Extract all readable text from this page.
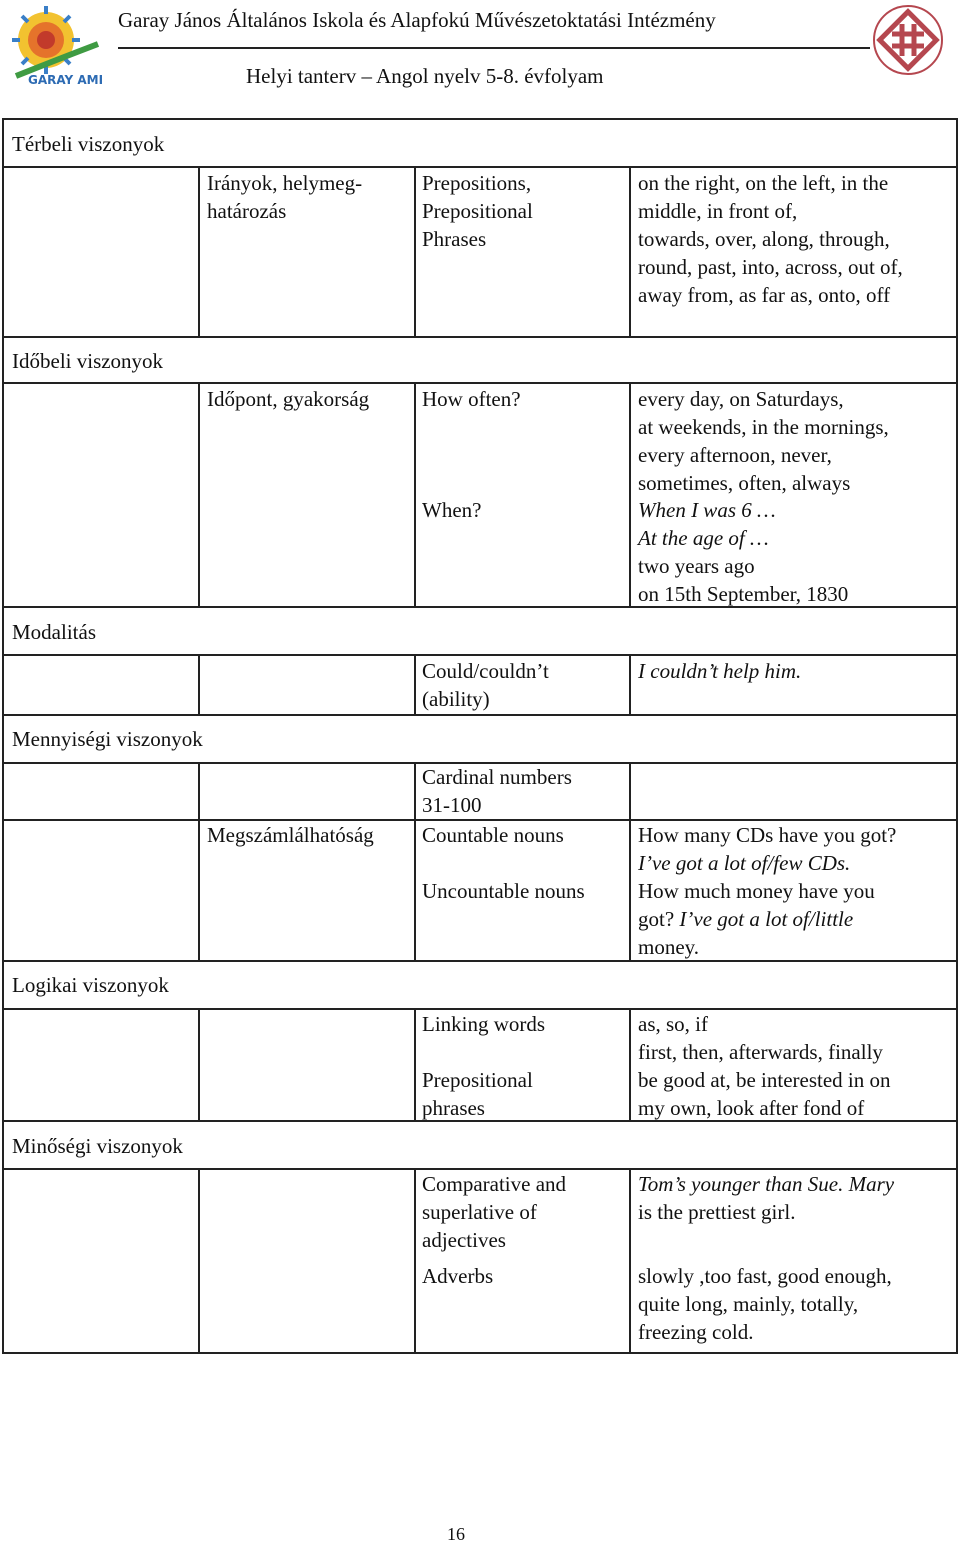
GARAY AMI
Garay János Általános Iskola és Alapfokú Művészetoktatási Intézmény
Helyi tanterv – Angol nyelv 5-8. évfolyam
Térbeli viszonyok
Irányok, helymeg-
határozás
Prepositions,
Prepositional
Phrases
on the right, on the left, in the
middle, in front of,
towards, over, along, through,
round, past, into, across, out of,
away from, as far as, onto, off
Időbeli viszonyok
Időpont, gyakorság	How often?
When?
every day, on Saturdays,
at weekends, in the mornings,
every afternoon, never,
sometimes, often, always
When I was 6 …
At the age of …
two years ago
on 15th September, 1830
Modalitás
Could/couldn’t
(ability)
I couldn’t help him.
Mennyiségi viszonyok
Cardinal numbers
31-100
Megszámlálhatóság Countable nouns
Uncountable nouns
How many CDs have you got?
I’ve got a lot of/few CDs.
How much money have you
got? I’ve got a lot of/little
money.
Logikai viszonyok
Linking words
Prepositional
phrases
as, so, if
first, then, afterwards, finally
be good at, be interested in on
my own, look after fond of
Minőségi viszonyok
Comparative and
superlative of
adjectives
Adverbs
Tom’s younger than Sue. Mary
is the prettiest girl.
slowly ,too fast, good enough,
quite long, mainly, totally,
freezing cold.
16
